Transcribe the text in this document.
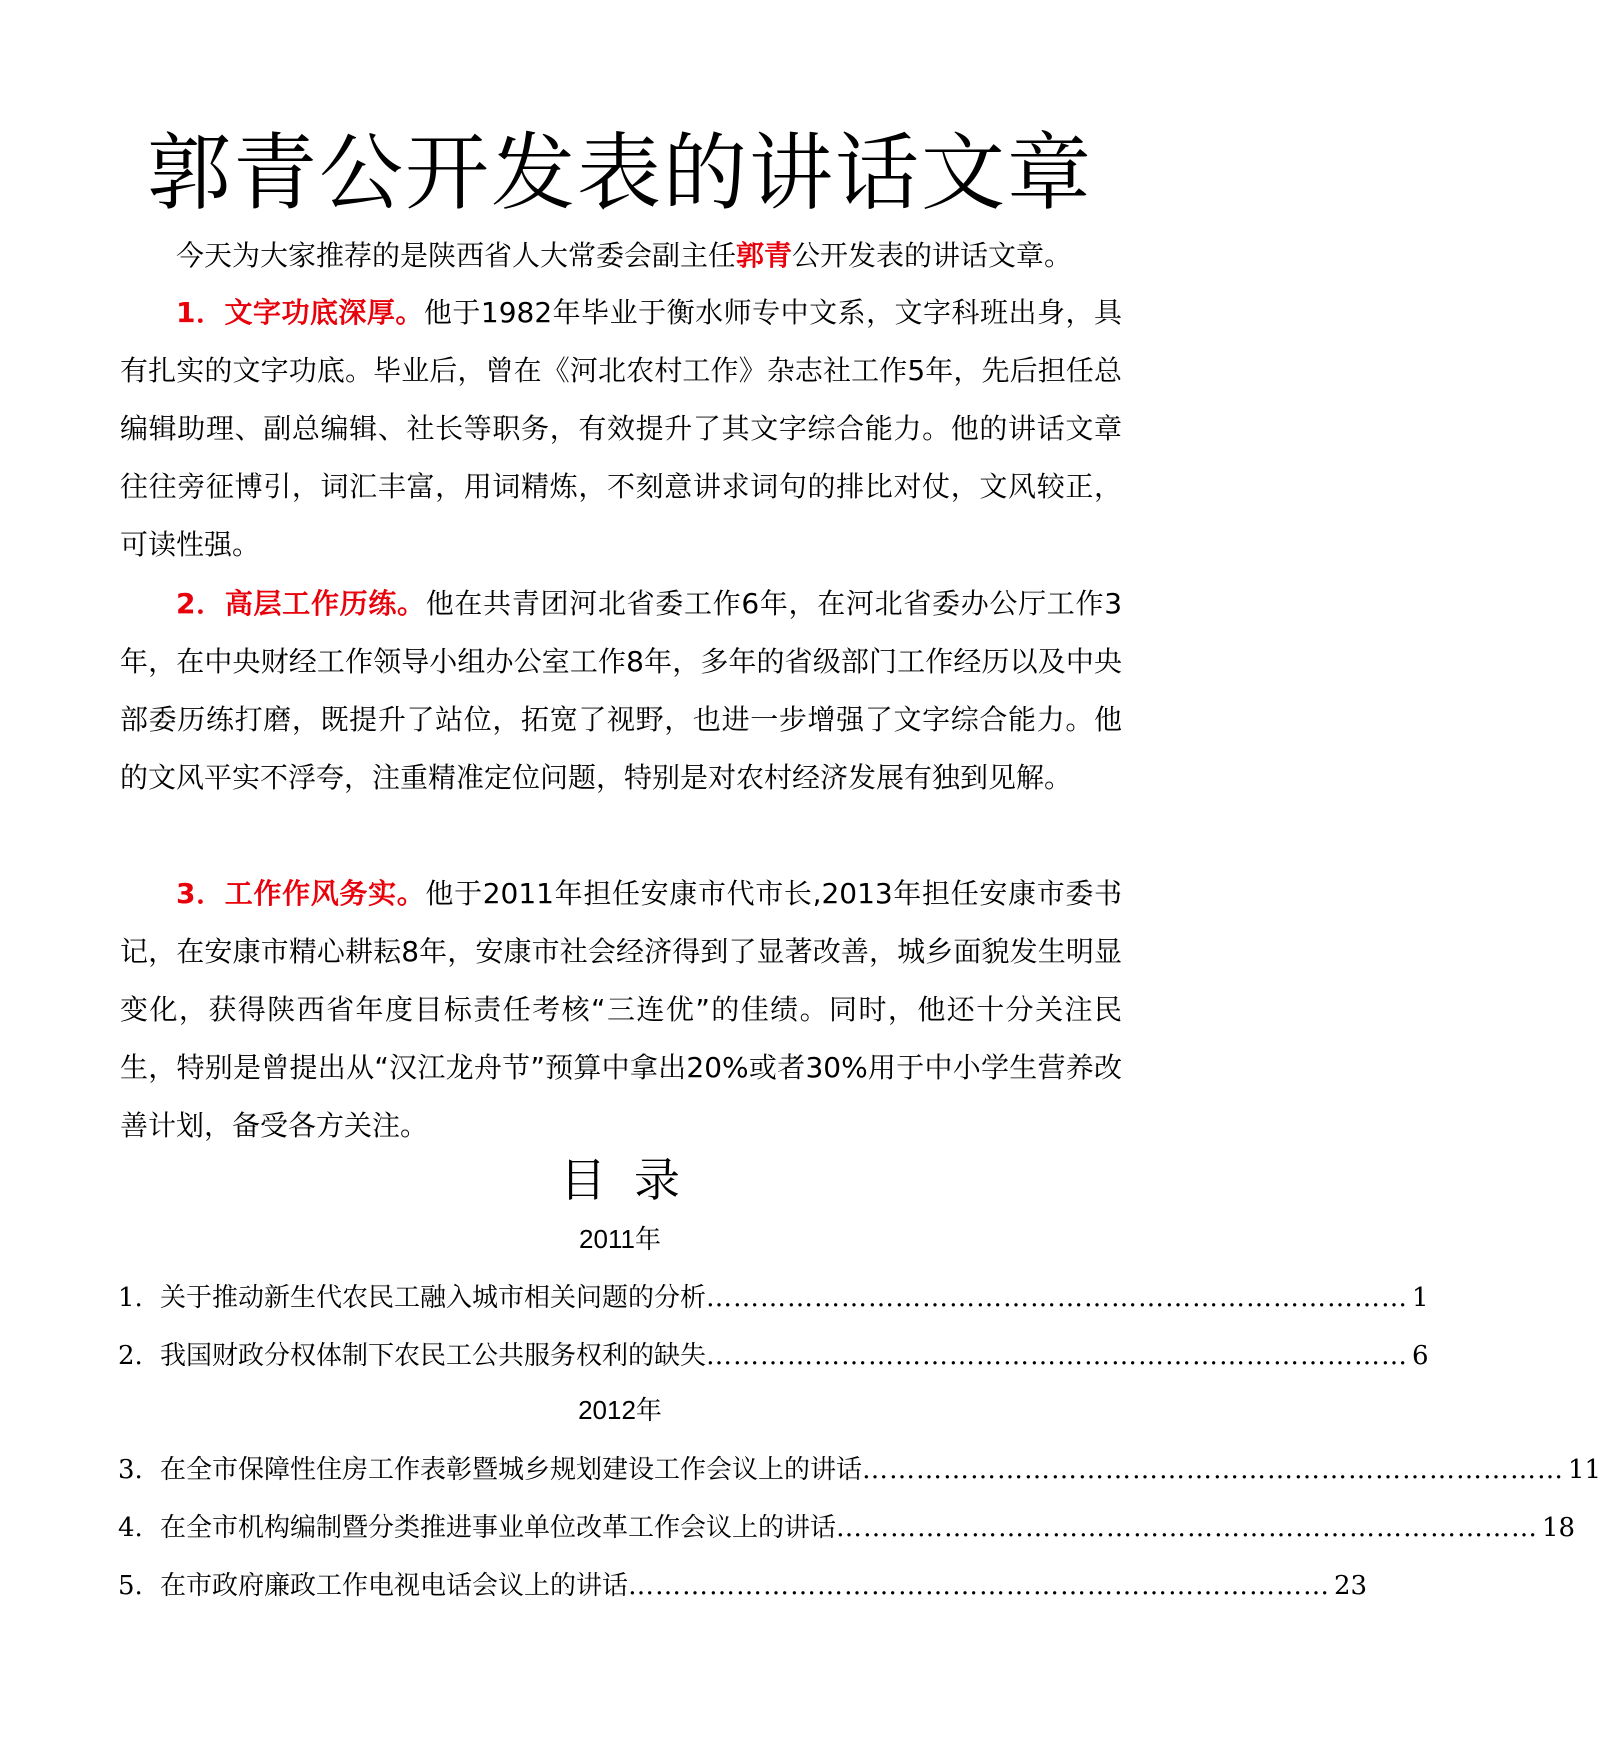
郭青公开发表的讲话文章
今天为大家推荐的是陕西省人大常委会副主任郭青公开发表的讲话文章。
1．文字功底深厚。他于1982年毕业于衡水师专中文系，文字科班出身，具有扎实的文字功底。毕业后，曾在《河北农村工作》杂志社工作5年，先后担任总编辑助理、副总编辑、社长等职务，有效提升了其文字综合能力。他的讲话文章往往旁征博引，词汇丰富，用词精炼，不刻意讲求词句的排比对仗，文风较正，可读性强。
2．高层工作历练。他在共青团河北省委工作6年，在河北省委办公厅工作3年，在中央财经工作领导小组办公室工作8年，多年的省级部门工作经历以及中央部委历练打磨，既提升了站位，拓宽了视野，也进一步增强了文字综合能力。他的文风平实不浮夸，注重精准定位问题，特别是对农村经济发展有独到见解。
3．工作作风务实。他于2011年担任安康市代市长,2013年担任安康市委书记，在安康市精心耕耘8年，安康市社会经济得到了显著改善，城乡面貌发生明显变化，获得陕西省年度目标责任考核“三连优”的佳绩。同时，他还十分关注民生，特别是曾提出从“汉江龙舟节”预算中拿出20%或者30%用于中小学生营养改善计划，备受各方关注。
目录
2011年
1. 关于推动新生代农民工融入城市相关问题的分析 …………………………………………………………………… 1
2. 我国财政分权体制下农民工公共服务权利的缺失 …………………………………………………………………… 6
2012年
3. 在全市保障性住房工作表彰暨城乡规划建设工作会议上的讲话 …………………………………………………………………… 11
4. 在全市机构编制暨分类推进事业单位改革工作会议上的讲话 …………………………………………………………………… 18
5. 在市政府廉政工作电视电话会议上的讲话 …………………………………………………………………… 23
